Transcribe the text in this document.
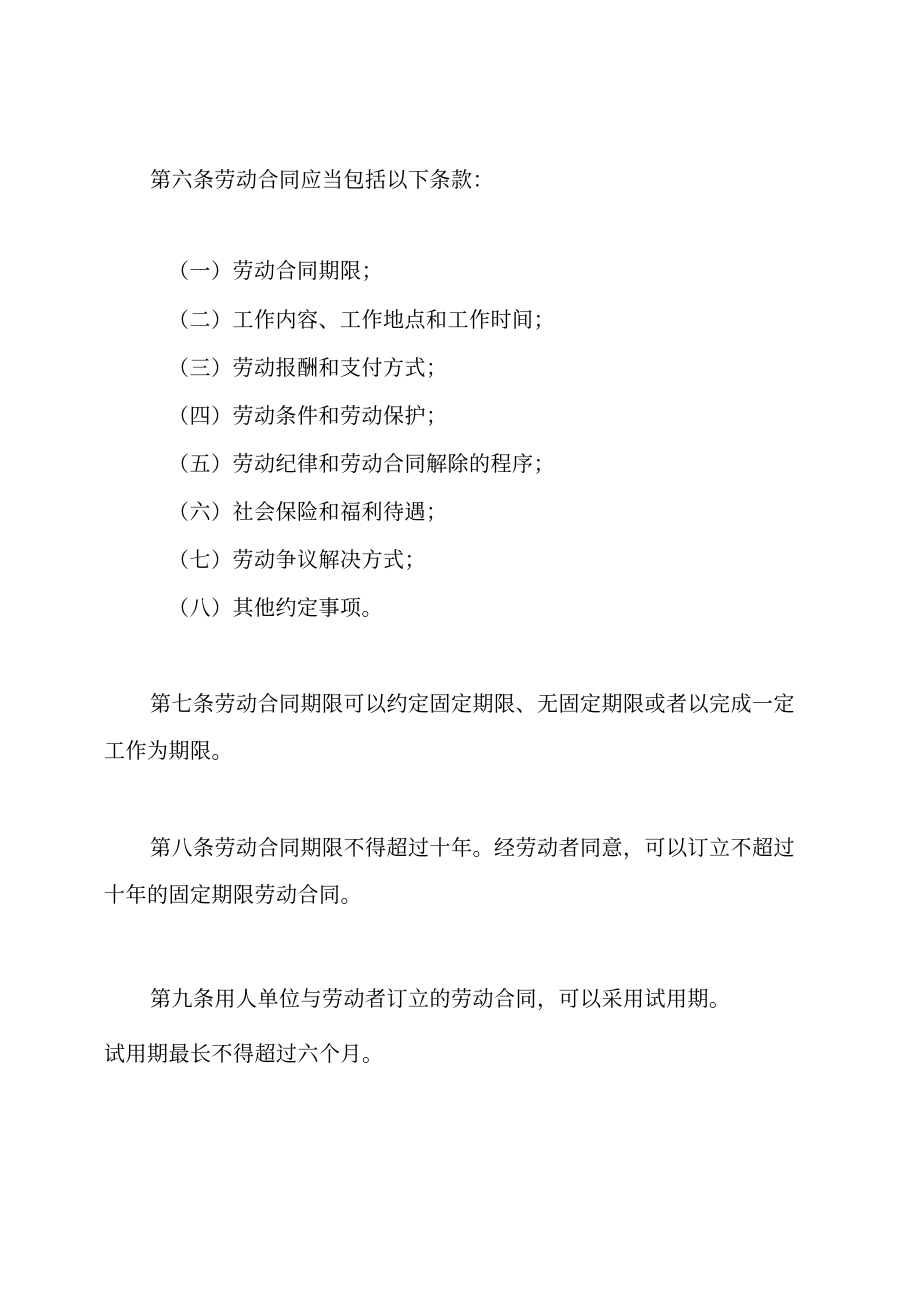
第六条劳动合同应当包括以下条款：
（一）劳动合同期限；
（二）工作内容、工作地点和工作时间；
（三）劳动报酬和支付方式；
（四）劳动条件和劳动保护；
（五）劳动纪律和劳动合同解除的程序；
（六）社会保险和福利待遇；
（七）劳动争议解决方式；
（八）其他约定事项。
第七条劳动合同期限可以约定固定期限、无固定期限或者以完成一定
工作为期限。
第八条劳动合同期限不得超过十年。经劳动者同意，可以订立不超过
十年的固定期限劳动合同。
第九条用人单位与劳动者订立的劳动合同，可以采用试用期。
试用期最长不得超过六个月。
